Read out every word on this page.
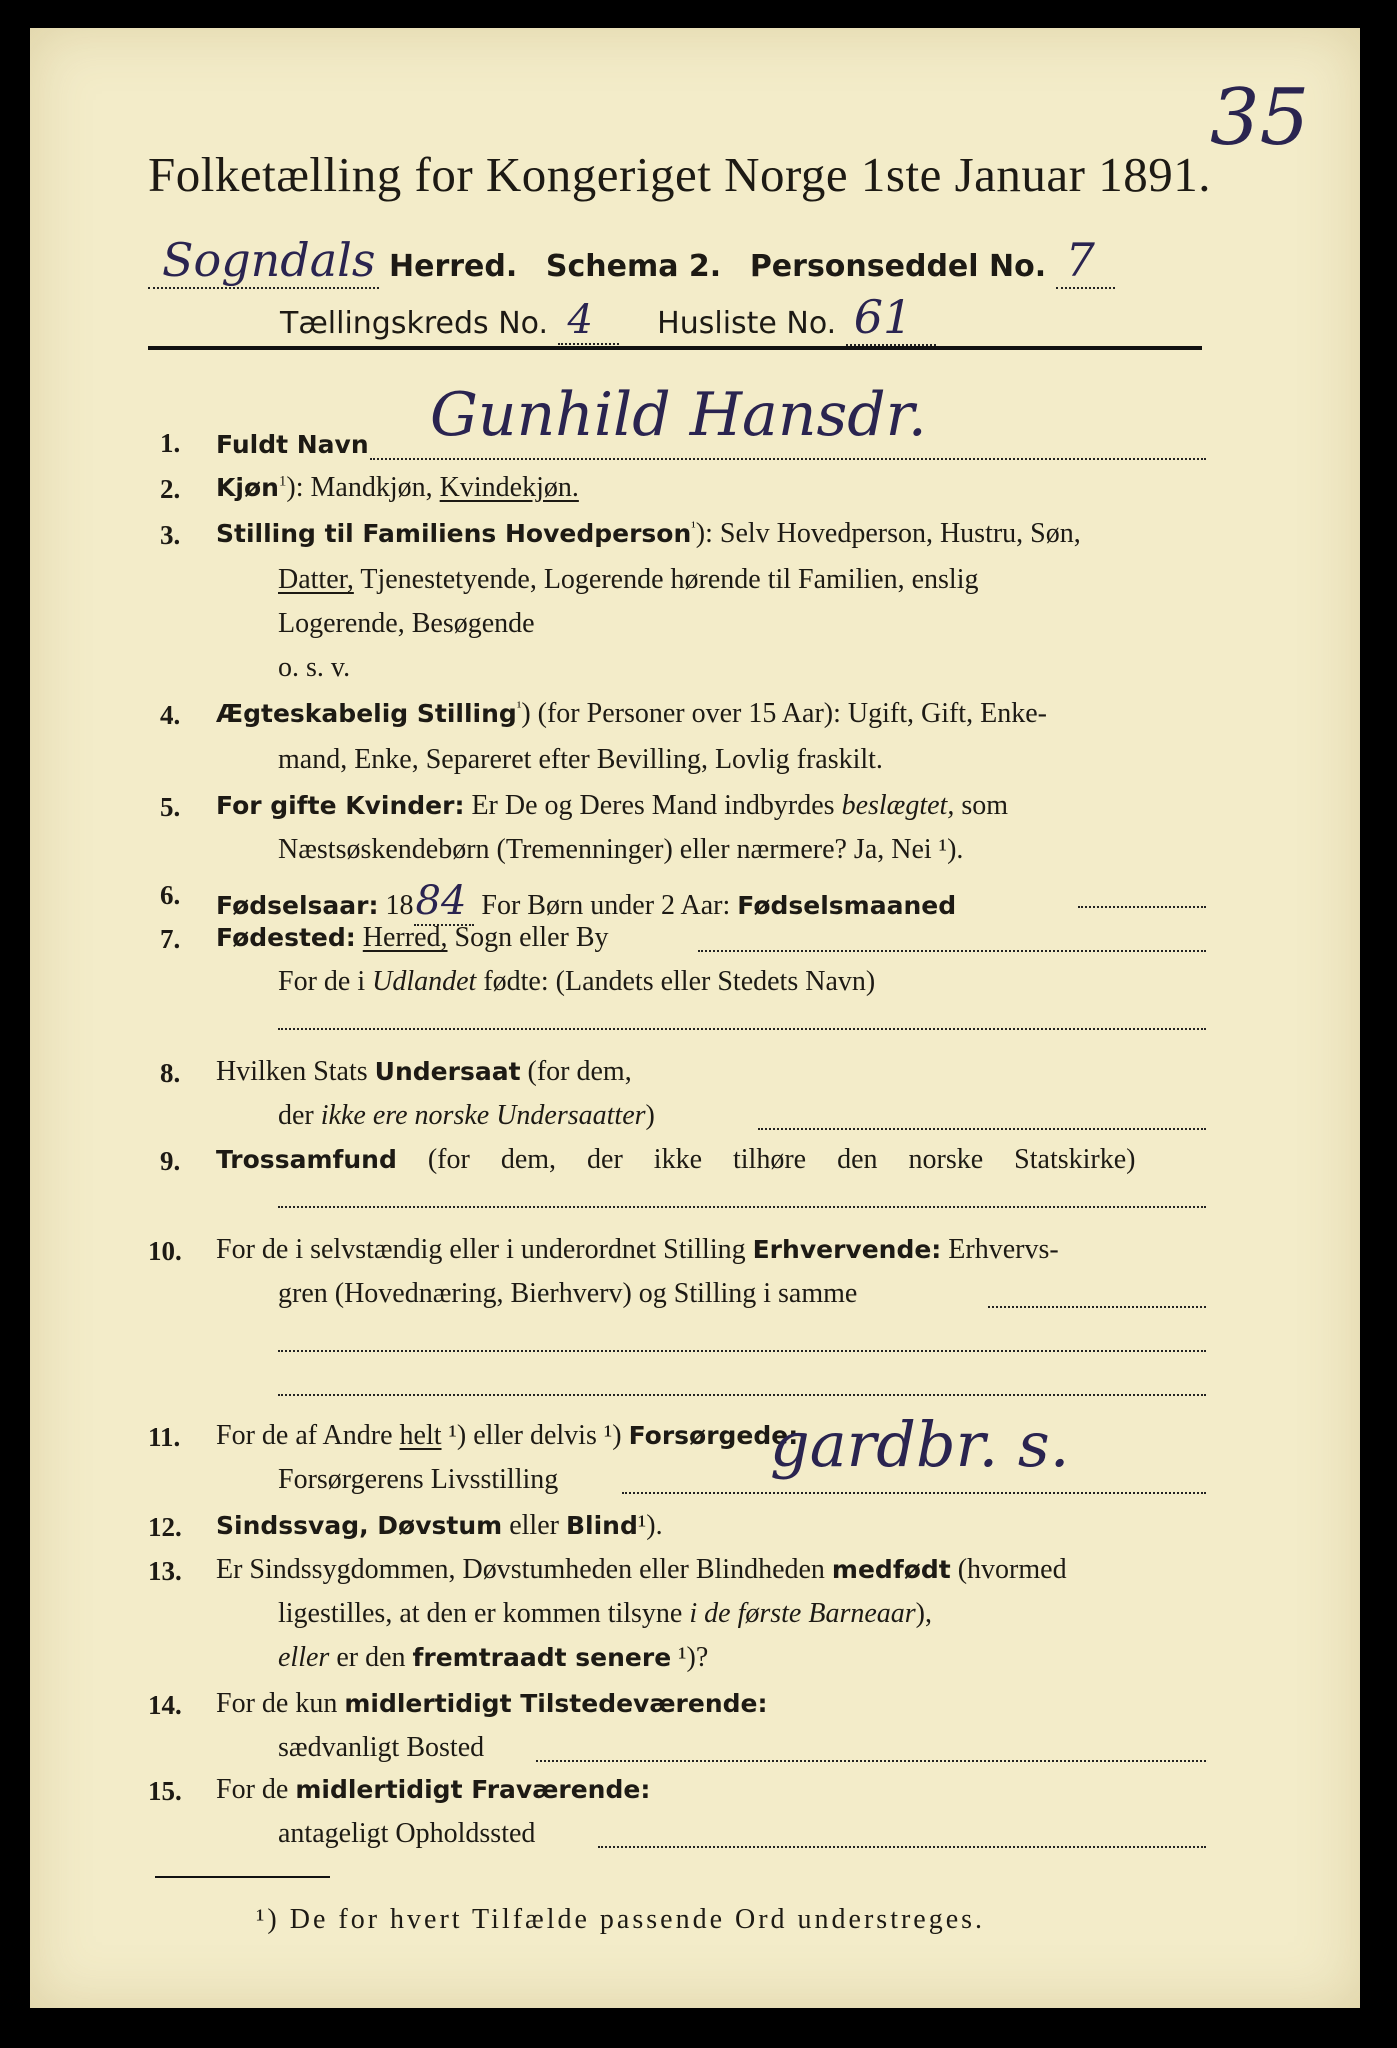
Folketælling for Kongeriget Norge 1ste Januar 1891.
35
Sogndals Herred. Schema 2. Personseddel No. 7
Tællingskreds No. 4 Husliste No. 61
1. Fuldt Navn Gunhild Hansdr.
2. Kjøn$^1$): Mandkjøn, Kvindekjøn.
3. Stilling til Familiens Hovedperson$^{^1}$): Selv Hovedperson, Hustru, Søn,
Datter, Tjenestetyende, Logerende hørende til Familien, enslig
Logerende, Besøgende
o. s. v.
4. Ægteskabelig Stilling$^{^1}$) (for Personer over 15 Aar): Ugift, Gift, Enke-
mand, Enke, Separeret efter Bevilling, Lovlig fraskilt.
5. For gifte Kvinder: Er De og Deres Mand indbyrdes beslægtet, som
Næstsøskendebørn (Tremenninger) eller nærmere? Ja, Nei ¹).
6. Fødselsaar: 1884 For Børn under 2 Aar: Fødselsmaaned
7. Fødested: Herred, Sogn eller By
For de i Udlandet fødte: (Landets eller Stedets Navn)
8. Hvilken Stats Undersaat (for dem,
der ikke ere norske Undersaatter)
9. Trossamfund (for dem, der ikke tilhøre den norske Statskirke)
10. For de i selvstændig eller i underordnet Stilling Erhvervende: Erhvervs-
gren (Hovednæring, Bierhverv) og Stilling i samme
11. For de af Andre helt ¹) eller delvis ¹) Forsørgede:
Forsørgerens Livsstilling	gardbr. s.
12. Sindssvag, Døvstum eller Blind¹).
13. Er Sindssygdommen, Døvstumheden eller Blindheden medfødt (hvormed
ligestilles, at den er kommen tilsyne i de første Barneaar),
eller er den fremtraadt senere ¹)?
14. For de kun midlertidigt Tilstedeværende:
sædvanligt Bosted
15. For de midlertidigt Fraværende:
antageligt Opholdssted
¹) De for hvert Tilfælde passende Ord understreges.
